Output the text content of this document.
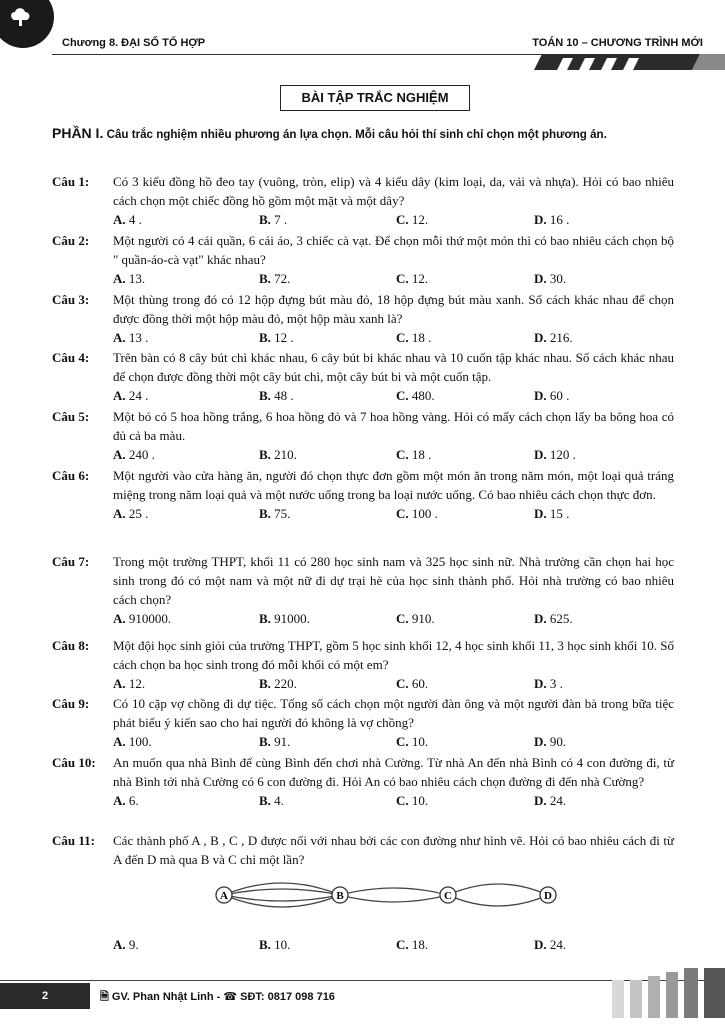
Chương 8. ĐẠI SỐ TỔ HỢP	TOÁN 10 – CHƯƠNG TRÌNH MỚI
BÀI TẬP TRẮC NGHIỆM
PHẦN I. Câu trắc nghiệm nhiều phương án lựa chọn. Mỗi câu hỏi thí sinh chỉ chọn một phương án.
Câu 1: Có 3 kiểu đồng hồ đeo tay (vuông, tròn, elip) và 4 kiểu dây (kim loại, da, vải và nhựa). Hỏi có bao nhiêu cách chọn một chiếc đồng hồ gồm một mặt và một dây?
A. 4 .	B. 7 .	C. 12.	D. 16 .
Câu 2: Một người có 4 cái quần, 6 cái áo, 3 chiếc cà vạt. Để chọn mỗi thứ một món thì có bao nhiêu cách chọn bộ " quần-áo-cà vạt" khác nhau?
A. 13.	B. 72.	C. 12.	D. 30.
Câu 3: Một thùng trong đó có 12 hộp đựng bút màu đỏ, 18 hộp đựng bút màu xanh. Số cách khác nhau để chọn được đồng thời một hộp màu đỏ, một hộp màu xanh là?
A. 13 .	B. 12 .	C. 18 .	D. 216.
Câu 4: Trên bàn có 8 cây bút chì khác nhau, 6 cây bút bi khác nhau và 10 cuốn tập khác nhau. Số cách khác nhau để chọn được đồng thời một cây bút chì, một cây bút bi và một cuốn tập.
A. 24 .	B. 48 .	C. 480.	D. 60 .
Câu 5: Một bó có 5 hoa hồng trắng, 6 hoa hồng đỏ và 7 hoa hồng vàng. Hỏi có mấy cách chọn lấy ba bông hoa có đủ cả ba màu.
A. 240 .	B. 210.	C. 18 .	D. 120 .
Câu 6: Một người vào cửa hàng ăn, người đó chọn thực đơn gồm một món ăn trong năm món, một loại quả tráng miệng trong năm loại quả và một nước uống trong ba loại nước uống. Có bao nhiêu cách chọn thực đơn.
A. 25 .	B. 75.	C. 100 .	D. 15 .
Câu 7: Trong một trường THPT, khối 11 có 280 học sinh nam và 325 học sinh nữ. Nhà trường cần chọn hai học sinh trong đó có một nam và một nữ đi dự trại hè của học sinh thành phố. Hỏi nhà trường có bao nhiêu cách chọn?
A. 910000.	B. 91000.	C. 910.	D. 625.
Câu 8: Một đội học sinh giỏi của trường THPT, gồm 5 học sinh khối 12, 4 học sinh khối 11, 3 học sinh khối 10. Số cách chọn ba học sinh trong đó mỗi khối có một em?
A. 12.	B. 220.	C. 60.	D. 3 .
Câu 9: Có 10 cặp vợ chồng đi dự tiệc. Tổng số cách chọn một người đàn ông và một người đàn bà trong bữa tiệc phát biểu ý kiến sao cho hai người đó không là vợ chồng?
A. 100.	B. 91.	C. 10.	D. 90.
Câu 10: An muốn qua nhà Bình để cùng Bình đến chơi nhà Cường. Từ nhà An đến nhà Bình có 4 con đường đi, từ nhà Bình tới nhà Cường có 6 con đường đi. Hỏi An có bao nhiêu cách chọn đường đi đến nhà Cường?
A. 6.	B. 4.	C. 10.	D. 24.
Câu 11: Các thành phố A , B , C , D được nối với nhau bởi các con đường như hình vẽ. Hỏi có bao nhiêu cách đi từ A đến D mà qua B và C chỉ một lần?
A. 9.	B. 10.	C. 18.	D. 24.
A	B	C	D
2	🗎 GV. Phan Nhật Linh - ☎ SĐT: 0817 098 716
